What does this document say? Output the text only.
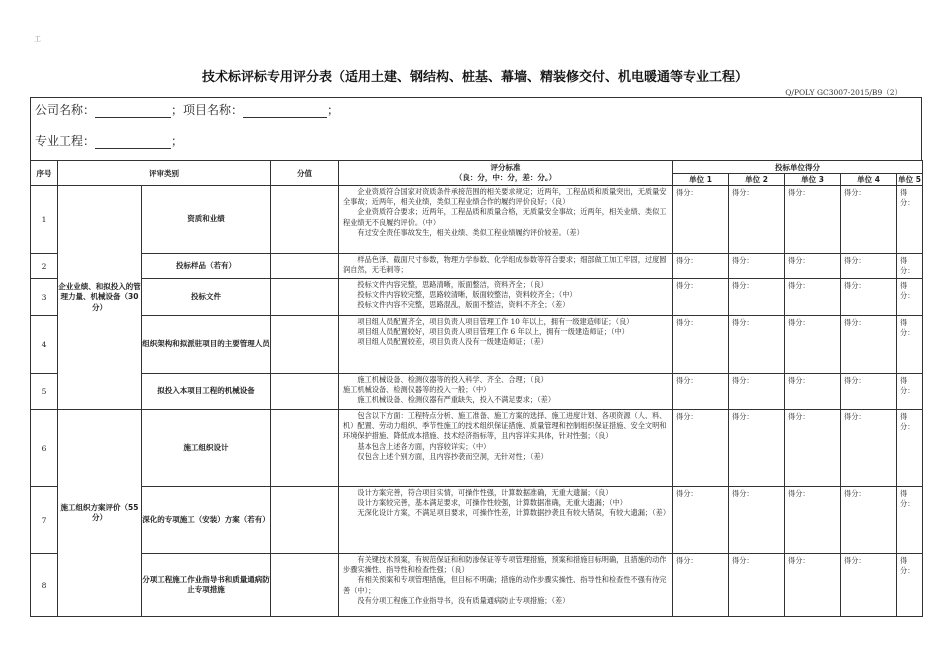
工
技术标评标专用评分表（适用土建、钢结构、桩基、幕墙、精装修交付、机电暖通等专业工程）
Q/POLY GC3007-2015/B9（2）
公司名称：	；项目名称：	；
专业工程：	；
序号	评审类别		分值	评分标准
（良：分，中：分，差：分。）	投标单位得分				
					单位 1	单位 2	单位 3	单位 4	单位 5
1	企业业绩、和拟投入的管理力量、机械设备（30 分）	资质和业绩		企业资质符合国家对资质条件承接范围的相关要求规定；近两年，工程品质和质量突出，无质量安全事故；近两年，相关业绩，类似工程业绩合作的履约评价良好；（良）

企业资质符合要求；近两年，工程品质和质量合格，无质量安全事故；近两年，相关业绩、类似工程业绩无不良履约评价。（中）

有过安全责任事故发生，相关业绩、类似工程业绩履约评价较差。（差）	得分：	得分：	得分：	得分：	得分：
2		投标样品（若有）		样品色泽、截面尺寸参数，物理力学参数、化学组成参数等符合要求；细部做工加工牢固，过度圆润自然，无毛刺等；	得分：	得分：	得分：	得分：	得分：
3		投标文件		投标文件内容完整，思路清晰，版面整洁，资料齐全；（良）

投标文件内容较完整，思路较清晰，版面较整洁，资料较齐全；（中）

投标文件内容不完整，思路混乱，版面不整洁，资料不齐全；（差）	得分：	得分：	得分：	得分：	得分：
4		组织架构和拟派驻项目的主要管理人员		项目组人员配置齐全，项目负责人项目管理工作 10 年以上，拥有一级建造师证；（良）

项目组人员配置较好，项目负责人项目管理工作 6 年以上，拥有一级建造师证；（中）

项目组人员配置较差，项目负责人没有一级建造师证；（差）	得分：	得分：	得分：	得分：	得分：
5		拟投入本项目工程的机械设备		施工机械设备、检测仪器等的投入科学、齐全、合理；（良）

施工机械设备、检测仪器等的投入一般；（中）

施工机械设备、检测仪器有严重缺失，投入不满足要求；（差）	得分：	得分：	得分：	得分：	得分：
6	施工组织方案评价（55 分）	施工组织设计		包含以下方面：工程特点分析、施工准备、施工方案的选择、施工进度计划、各项资源（人、料、机）配置、劳动力组织、季节性施工的技术组织保证措施、质量管理和控制组织保证措施、安全文明和环境保护措施、降低成本措施、技术经济指标等，且内容详实具体，针对性强；（良）

基本包含上述各方面，内容较详实；（中）

仅包含上述个别方面，且内容抄袭而空洞，无针对性；（差）	得分：	得分：	得分：	得分：	得分：
7		深化的专项施工（安装）方案（若有）		设计方案完善，符合项目实情，可操作性强，计算数据准确，无重大遗漏；（良）

设计方案较完善，基本满足要求，可操作性较强，计算数据准确，无重大遗漏；（中）

无深化设计方案，不满足项目要求，可操作性差，计算数据抄袭且有较大错误，有较大遗漏；（差）	得分：	得分：	得分：	得分：	得分：
8		分项工程施工作业指导书和质量通病防止专项措施		有关键技术预案，有规范保证和和防渗保证等专项管理措施，预案和措施目标明确，且措施的动作步骤实操性、指导性和检查性强；（良）

有相关预案和专项管理措施，但目标不明确；措施的动作步骤实操性、指导性和检查性不强有待完善（中）；

没有分项工程施工作业指导书，没有质量通病防止专项措施；（差）	得分：	得分：	得分：	得分：	得分：
